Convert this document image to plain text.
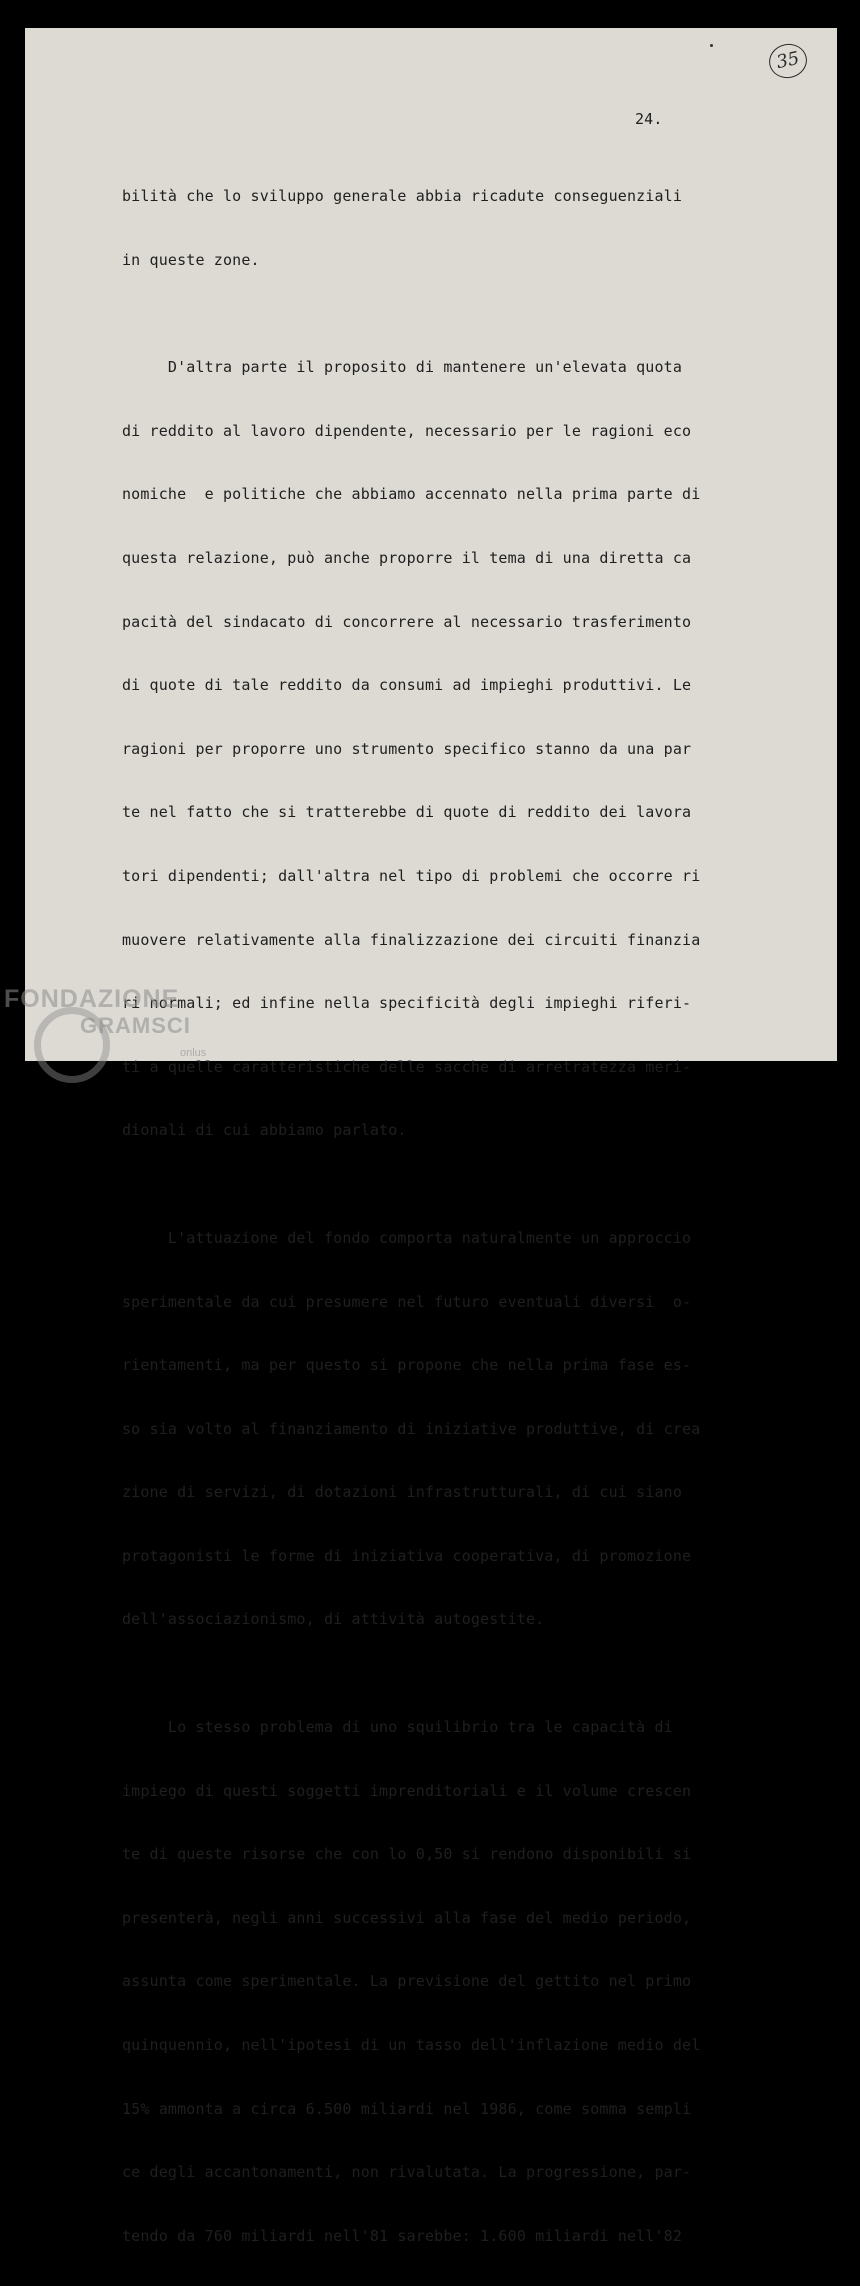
35
24.

bilità che lo sviluppo generale abbia ricadute conseguenziali

in queste zone.

D'altra parte il proposito di mantenere un'elevata quota

di reddito al lavoro dipendente, necessario per le ragioni eco

nomiche  e politiche che abbiamo accennato nella prima parte di

questa relazione, può anche proporre il tema di una diretta ca

pacità del sindacato di concorrere al necessario trasferimento

di quote di tale reddito da consumi ad impieghi produttivi. Le

ragioni per proporre uno strumento specifico stanno da una par

te nel fatto che si tratterebbe di quote di reddito dei lavora

tori dipendenti; dall'altra nel tipo di problemi che occorre ri

muovere relativamente alla finalizzazione dei circuiti finanzia

ri normali; ed infine nella specificità degli impieghi riferi-

ti a quelle caratteristiche delle sacche di arretratezza meri-

dionali di cui abbiamo parlato.

L'attuazione del fondo comporta naturalmente un approccio

sperimentale da cui presumere nel futuro eventuali diversi  o-

rientamenti, ma per questo si propone che nella prima fase es-

so sia volto al finanziamento di iniziative produttive, di crea

zione di servizi, di dotazioni infrastrutturali, di cui siano

protagonisti le forme di iniziativa cooperativa, di promozione

dell'associazionismo, di attività autogestite.

Lo stesso problema di uno squilibrio tra le capacità di

impiego di questi soggetti imprenditoriali e il volume crescen

te di queste risorse che con lo 0,50 si rendono disponibili si

presenterà, negli anni successivi alla fase del medio periodo,

assunta come sperimentale. La previsione del gettito nel primo

quinquennio, nell'ipotesi di un tasso dell'inflazione medio del

15% ammonta a circa 6.500 miliardi nel 1986, come somma sempli

ce degli accantonamenti, non rivalutata. La progressione, par-

tendo da 760 miliardi nell'81 sarebbe: 1.600 miliardi nell'82

FONDAZIONE
GRAMSCI
onlus
